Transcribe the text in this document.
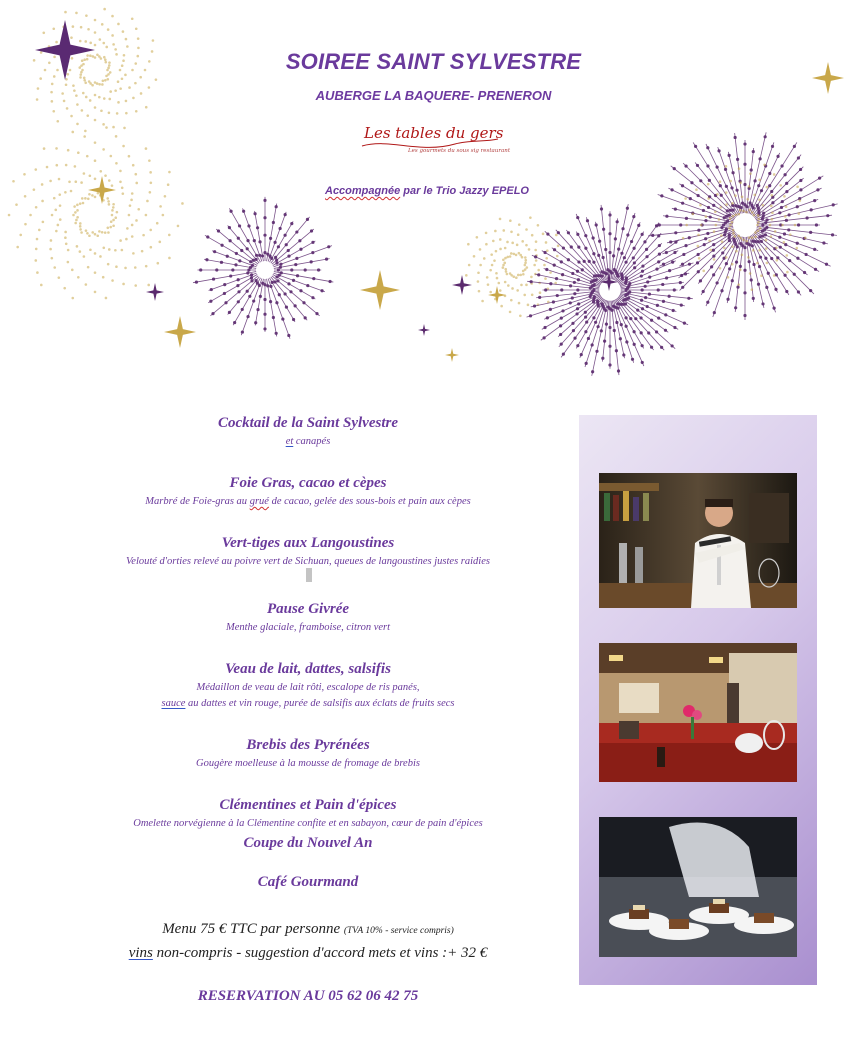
SOIREE SAINT SYLVESTRE
AUBERGE LA BAQUERE- PRENERON
Les tables du gers
Les gourmets du sous sig restaurant
Accompagnée par le Trio Jazzy EPELO

Cocktail de la Saint Sylvestre

et canapés

Foie Gras, cacao et cèpes

Marbré de Foie-gras au grué de cacao, gelée des sous-bois et pain aux cèpes

Vert-tiges aux Langoustines

Velouté d'orties relevé au poivre vert de Sichuan, queues de langoustines justes raidies

Pause Givrée

Menthe glaciale, framboise, citron vert

Veau de lait, dattes, salsifis

Médaillon de veau de lait rôti, escalope de ris panés,

sauce au dattes et vin rouge, purée de salsifis aux éclats de fruits secs

Brebis des Pyrénées

Gougère moelleuse à la mousse de fromage de brebis

Clémentines et Pain d'épices

Omelette norvégienne à la Clémentine confite et en sabayon, cœur de pain d'épices

Coupe du Nouvel An

Café Gourmand

Menu 75 € TTC par personne (TVA 10% - service compris)
vins non-compris - suggestion d'accord mets et vins :+ 32 €
RESERVATION AU 05 62 06 42 75
